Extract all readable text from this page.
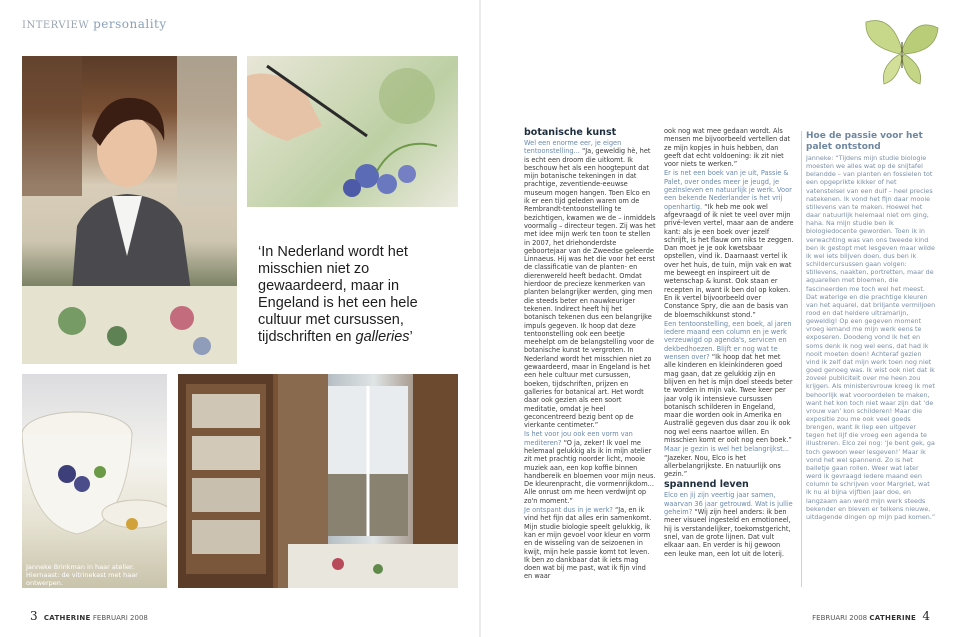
INTERVIEW personality
‘In Nederland wordt het misschien niet zo gewaardeerd, maar in Engeland is het een hele cultuur met cursussen, tijdschriften en galleries’
Janneke Brinkman in haar atelier. Hiernaast: de vitrinekast met haar ontwerpen.
botanische kunst

Wel een enorme eer, je eigen tentoonstelling... “Ja, geweldig hè, het is echt een droom die uitkomt. Ik beschouw het als een hoogtepunt dat mijn botanische tekeningen in dat prachtige, zeventiende-eeuwse museum mogen hangen. Toen Elco en ik er een tijd geleden waren om de Rembrandt-tentoonstelling te bezichtigen, kwamen we de – inmiddels voormalig – directeur tegen. Zij was het met idee mijn werk ten toon te stellen in 2007, het driehonderdste geboortejaar van de Zweedse geleerde Linnaeus. Hij was het die voor het eerst de classificatie van de planten- en dierenwereld heeft bedacht. Omdat hierdoor de precieze kenmerken van planten belangrijker werden, ging men die steeds beter en nauwkeuriger tekenen. Indirect heeft hij het botanisch tekenen dus een belangrijke impuls gegeven. Ik hoop dat deze tentoonstelling ook een beetje meehelpt om de belangstelling voor de botanische kunst te vergroten. In Nederland wordt het misschien niet zo gewaardeerd, maar in Engeland is het een hele cultuur met cursussen, boeken, tijdschriften, prijzen en galleries for botanical art. Het wordt daar ook gezien als een soort meditatie, omdat je heel geconcentreerd bezig bent op de vierkante centimeter.”

Is het voor jou ook een vorm van mediteren? “O ja, zeker! Ik voel me helemaal gelukkig als ik in mijn atelier zit met prachtig noorder licht, mooie muziek aan, een kop koffie binnen handbereik en bloemen voor mijn neus. De kleurenpracht, die vormenrijkdom... Alle onrust om me heen verdwijnt op zo'n moment.”

Je ontspant dus in je werk? “Ja, en ik vind het fijn dat alles erin samenkomt. Mijn studie biologie speelt gelukkig, ik kan er mijn gevoel voor kleur en vorm en de wisseling van de seizoenen in kwijt, mijn hele passie komt tot leven. Ik ben zo dankbaar dat ik iets mag doen wat bij me past, wat ik fijn vind en waar

ook nog wat mee gedaan wordt. Als mensen me bijvoorbeeld vertellen dat ze mijn kopjes in huis hebben, dan geeft dat echt voldoening: ik zit niet voor niets te werken.”

Er is net een boek van je uit, Passie & Palet, over ondes meer je jeugd, je gezinsleven en natuurlijk je werk. Voor een bekende Nederlander is het vrij openhartig. “Ik heb me ook wel afgevraagd of ik niet te veel over mijn privé-leven vertel, maar aan de andere kant: als je een boek over jezelf schrijft, is het flauw om niks te zeggen. Dan moet je je ook kwetsbaar opstellen, vind ik. Daarnaast vertel ik over het huis, de tuin, mijn vak en wat me beweegt en inspireert uit de wetenschap & kunst. Ook staan er recepten in, want ik ben dol op koken. En ik vertel bijvoorbeeld over Constance Spry, die aan de basis van de bloemschikkunst stond.”

Een tentoonstelling, een boek, al jaren iedere maand een column en je werk verzeuwigd op agenda's, servicen en dekbedhoezen. Blijft er nog wat te wensen over? “Ik hoop dat het met alle kinderen en kleinkinderen goed mag gaan, dat ze gelukkig zijn en blijven en het is mijn doel steeds beter te worden in mijn vak. Twee keer per jaar volg ik intensieve cursussen botanisch schilderen in Engeland, maar die worden ook in Amerika en Australië gegeven dus daar zou ik ook nog wel eens naartoe willen. En misschien komt er ooit nog een boek.”

Maar je gezin is wel het belangrijkst... “Jazeker. Nou, Elco is het allerbelangrijkste. En natuurlijk ons gezin.”

spannend leven

Elco en jij zijn veertig jaar samen, waarvan 36 jaar getrouwd. Wat is jullie geheim? “Wij zijn heel anders: ik ben meer visueel ingesteld en emotioneel, hij is verstandelijker, toekomstgericht, snel, van de grote lijnen. Dat vult elkaar aan. En verder is hij gewoon een leuke man, een lot uit de loterij.

Hoe de passie voor het palet ontstond

Janneke: “Tijdens mijn studie biologie moesten we alles wat op de snijtafel belandde – van planten en fossielen tot een opgeprikte kikker of het vatenstelsel van een duif – heel precies natekenen. Ik vond het fijn daar mooie stillevens van te maken. Hoewel het daar natuurlijk helemaal niet om ging, haha. Na mijn studie ben ik biologiedocente geworden. Toen ik in verwachting was van ons tweede kind ben ik gestopt met lesgeven maar wilde ik wel iets blijven doen, dus ben ik schildercursussen gaan volgen: stillevens, naakten, portretten, maar de aquarellen met bloemen, die fascineerden me toch wel het meest. Dat waterige en die prachtige kleuren van het aquarel, dat briljante vermiljoen rood en dat heldere ultramarijn, geweldig! Op een gegeven moment vroeg iemand me mijn werk eens te exposeren. Doodeng vond ik het en soms denk ik nog wel eens, dat had ik nooit moeten doen! Achteraf gezien vind ik zelf dat mijn werk toen nog niet goed genoeg was. Ik wist ook niet dat ik zoveel publiciteit over me heen zou krijgen. Als ministersvrouw kreeg ik met behoorlijk wat vooroordelen te maken, want het kon toch niet waar zijn dat ‘de vrouw van’ kon schilderen! Maar die expositie zou me ook veel goeds brengen, want ik liep een uitgever tegen het lijf die vroeg een agenda te illustreren. Elco zei nog: ‘Je bent gek, ga toch gewoon weer lesgeven!’ Maar ik vond het wel spannend. Zo is het balletje gaan rollen. Weer wat later werd ik gevraagd iedere maand een column te schrijven voor Margriet, wat ik nu al bijna vijftien jaar doe, en langzaam aan werd mijn werk steeds bekender en bleven er telkens nieuwe, uitdagende dingen op mijn pad komen.”

3 CATHERINE FEBRUARI 2008	FEBRUARI 2008 CATHERINE 4
